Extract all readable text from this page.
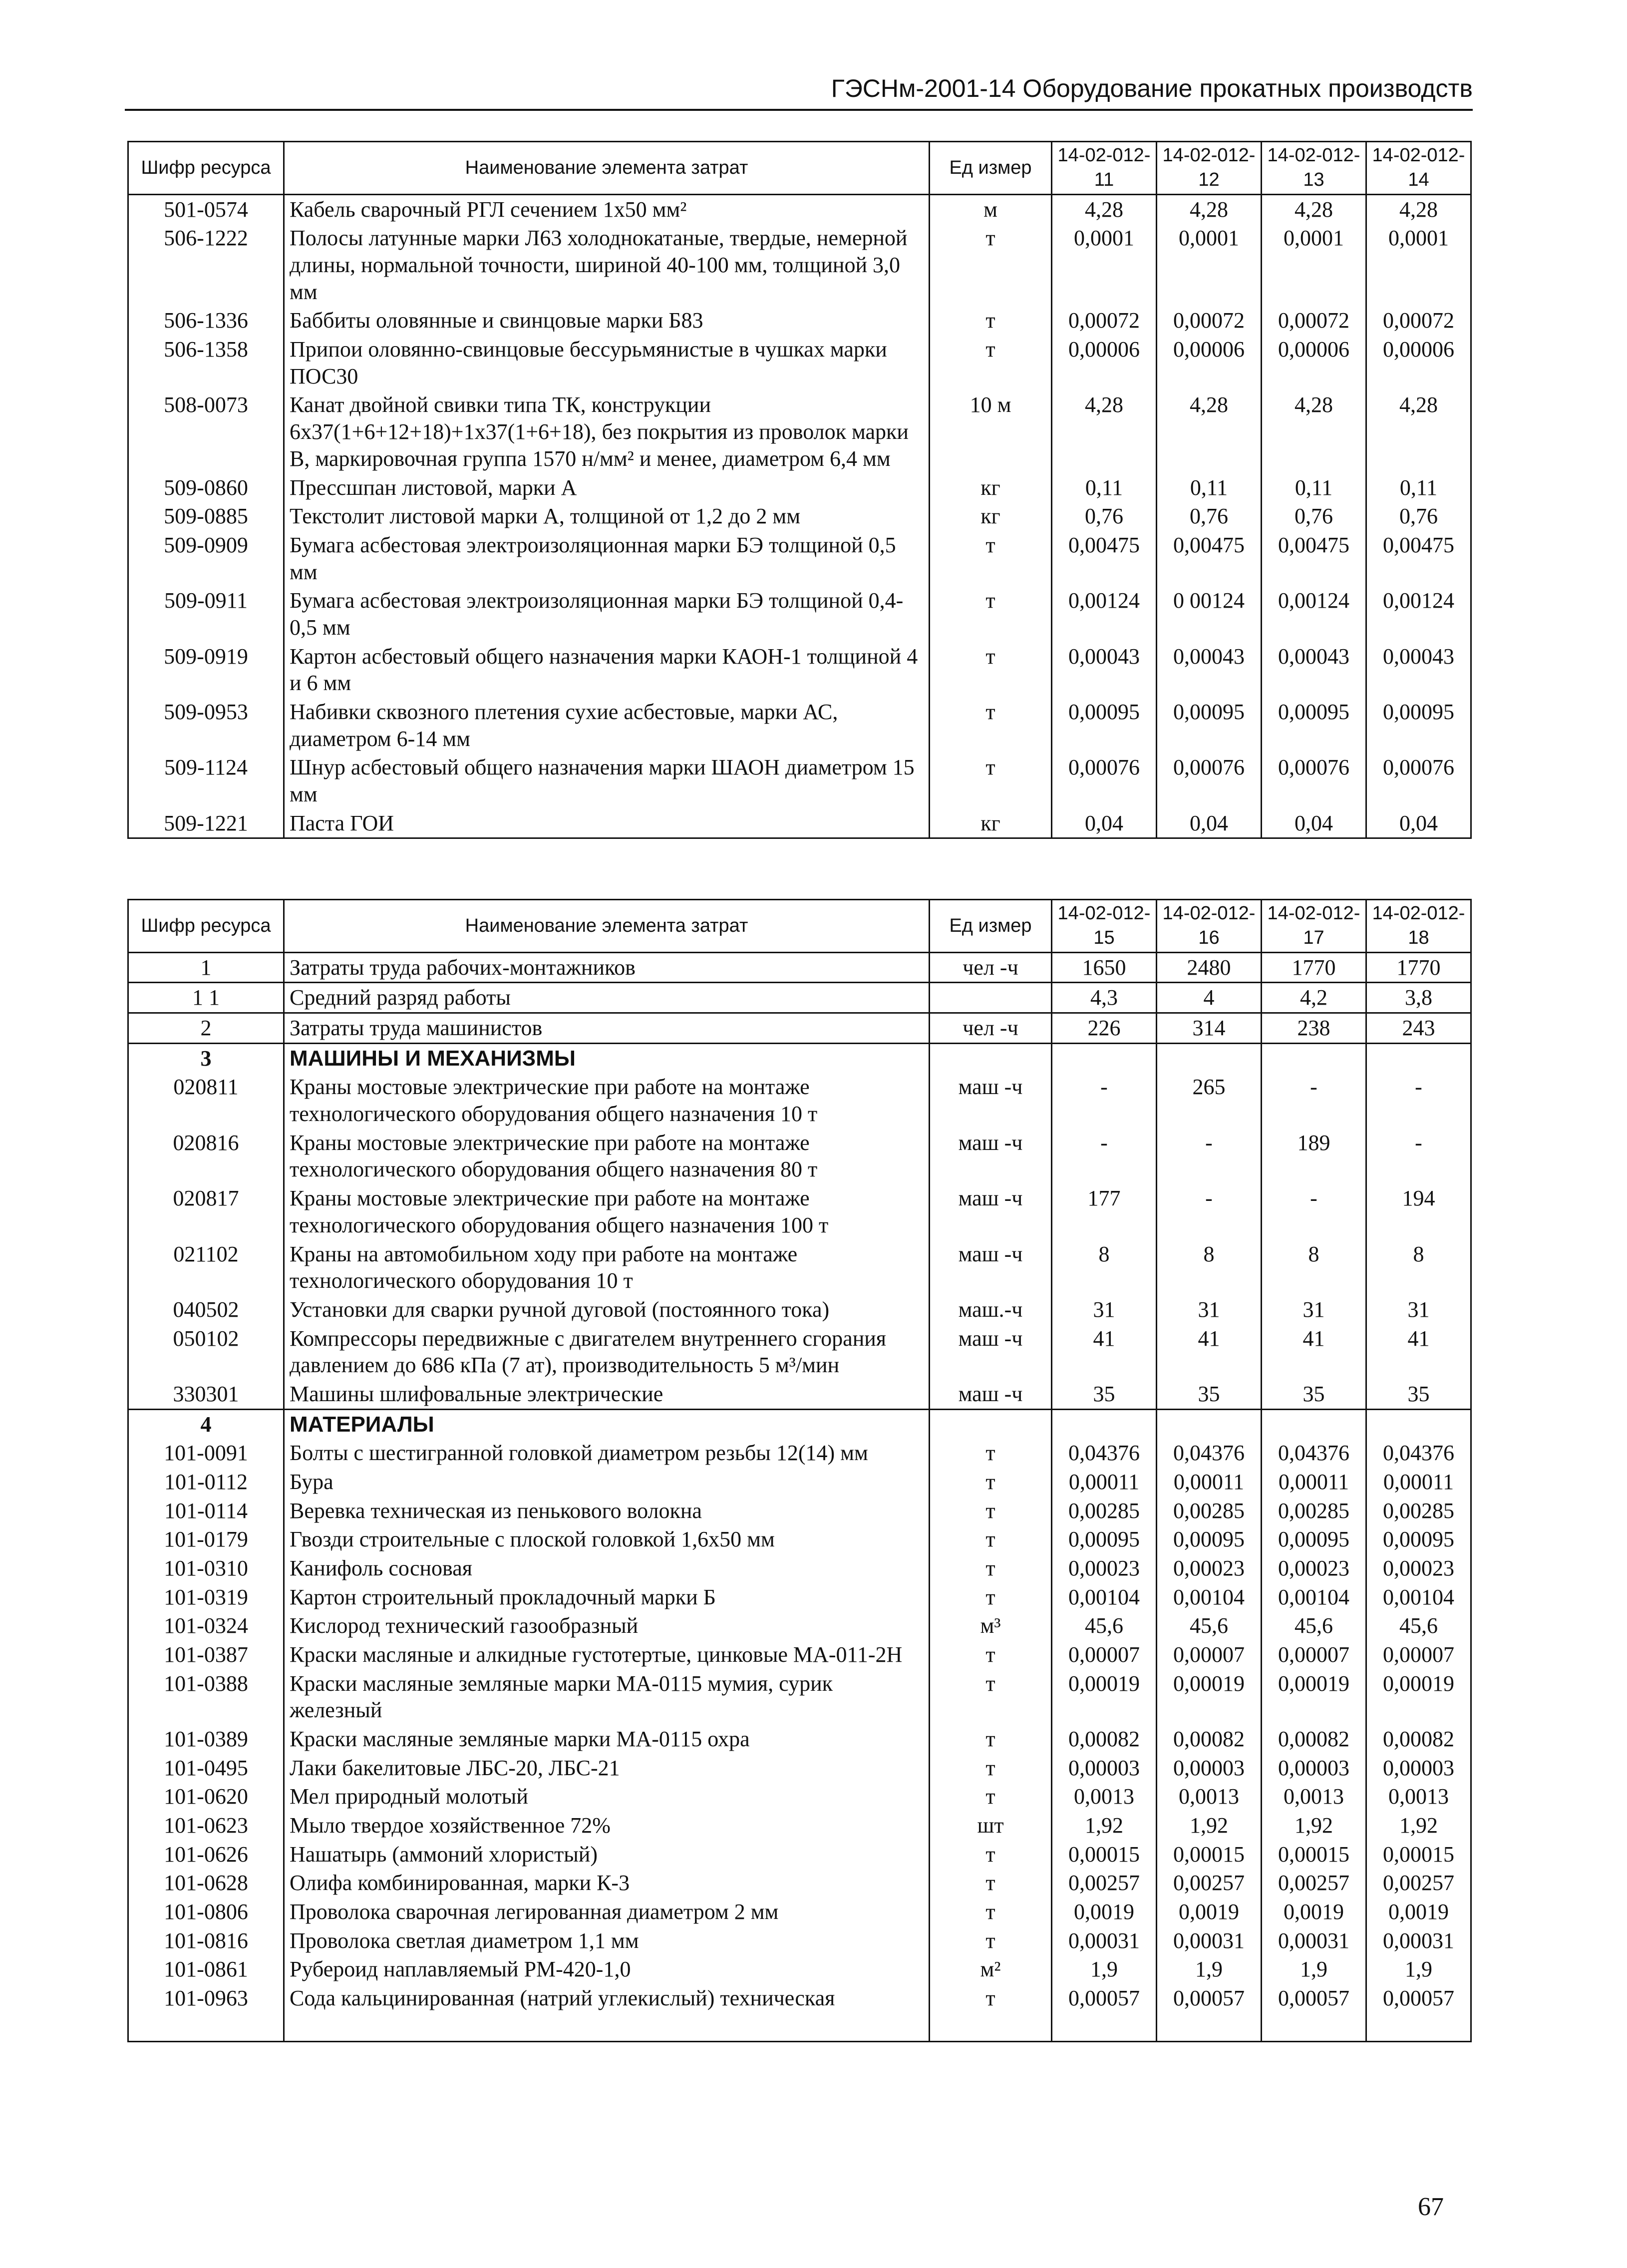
ГЭСНм-2001-14 Оборудование прокатных производств
Шифр ресурса	Наименование элемента затрат	Ед измер	14-02-012-11	14-02-012-12	14-02-012-13	14-02-012-14
501-0574	Кабель сварочный РГЛ сечением 1х50 мм²	м	4,28	4,28	4,28	4,28
506-1222	Полосы латунные марки Л63 холоднокатаные, твердые, немерной длины, нормальной точности, шириной 40-100 мм, толщиной 3,0 мм	т	0,0001	0,0001	0,0001	0,0001
506-1336	Баббиты оловянные и свинцовые марки Б83	т	0,00072	0,00072	0,00072	0,00072
506-1358	Припои оловянно-свинцовые бессурьмянистые в чушках марки ПОС30	т	0,00006	0,00006	0,00006	0,00006
508-0073	Канат двойной свивки типа ТК, конструкции 6х37(1+6+12+18)+1х37(1+6+18), без покрытия из проволок марки В, маркировочная группа 1570 н/мм² и менее, диаметром 6,4 мм	10 м	4,28	4,28	4,28	4,28
509-0860	Прессшпан листовой, марки А	кг	0,11	0,11	0,11	0,11
509-0885	Текстолит листовой марки А, толщиной от 1,2 до 2 мм	кг	0,76	0,76	0,76	0,76
509-0909	Бумага асбестовая электроизоляционная марки БЭ толщиной 0,5 мм	т	0,00475	0,00475	0,00475	0,00475
509-0911	Бумага асбестовая электроизоляционная марки БЭ толщиной 0,4-0,5 мм	т	0,00124	0 00124	0,00124	0,00124
509-0919	Картон асбестовый общего назначения марки КАОН-1 толщиной 4 и 6 мм	т	0,00043	0,00043	0,00043	0,00043
509-0953	Набивки сквозного плетения сухие асбестовые, марки АС, диаметром 6-14 мм	т	0,00095	0,00095	0,00095	0,00095
509-1124	Шнур асбестовый общего назначения марки ШАОН диаметром 15 мм	т	0,00076	0,00076	0,00076	0,00076
509-1221	Паста ГОИ	кг	0,04	0,04	0,04	0,04
Шифр ресурса	Наименование элемента затрат	Ед измер	14-02-012-15	14-02-012-16	14-02-012-17	14-02-012-18
1	Затраты труда рабочих-монтажников	чел -ч	1650	2480	1770	1770
1 1	Средний разряд работы		4,3	4	4,2	3,8
2	Затраты труда машинистов	чел -ч	226	314	238	243
3	МАШИНЫ И МЕХАНИЗМЫ					
020811	Краны мостовые электрические при работе на монтаже технологического оборудования общего назначения 10 т	маш -ч	-	265	-	-
020816	Краны мостовые электрические при работе на монтаже технологического оборудования общего назначения 80 т	маш -ч	-	-	189	-
020817	Краны мостовые электрические при работе на монтаже технологического оборудования общего назначения 100 т	маш -ч	177	-	-	194
021102	Краны на автомобильном ходу при работе на монтаже технологического оборудования 10 т	маш -ч	8	8	8	8
040502	Установки для сварки ручной дуговой (постоянного тока)	маш.-ч	31	31	31	31
050102	Компрессоры передвижные с двигателем внутреннего сгорания давлением до 686 кПа (7 ат), производительность 5 м³/мин	маш -ч	41	41	41	41
330301	Машины шлифовальные электрические	маш -ч	35	35	35	35
4	МАТЕРИАЛЫ					
101-0091	Болты с шестигранной головкой диаметром резьбы 12(14) мм	т	0,04376	0,04376	0,04376	0,04376
101-0112	Бура	т	0,00011	0,00011	0,00011	0,00011
101-0114	Веревка техническая из пенькового волокна	т	0,00285	0,00285	0,00285	0,00285
101-0179	Гвозди строительные с плоской головкой 1,6х50 мм	т	0,00095	0,00095	0,00095	0,00095
101-0310	Канифоль сосновая	т	0,00023	0,00023	0,00023	0,00023
101-0319	Картон строительный прокладочный марки Б	т	0,00104	0,00104	0,00104	0,00104
101-0324	Кислород технический газообразный	м³	45,6	45,6	45,6	45,6
101-0387	Краски масляные и алкидные густотертые, цинковые МА-011-2Н	т	0,00007	0,00007	0,00007	0,00007
101-0388	Краски масляные земляные марки МА-0115 мумия, сурик железный	т	0,00019	0,00019	0,00019	0,00019
101-0389	Краски масляные земляные марки МА-0115 охра	т	0,00082	0,00082	0,00082	0,00082
101-0495	Лаки бакелитовые ЛБС-20, ЛБС-21	т	0,00003	0,00003	0,00003	0,00003
101-0620	Мел природный молотый	т	0,0013	0,0013	0,0013	0,0013
101-0623	Мыло твердое хозяйственное 72%	шт	1,92	1,92	1,92	1,92
101-0626	Нашатырь (аммоний хлористый)	т	0,00015	0,00015	0,00015	0,00015
101-0628	Олифа комбинированная, марки К-3	т	0,00257	0,00257	0,00257	0,00257
101-0806	Проволока сварочная легированная диаметром 2 мм	т	0,0019	0,0019	0,0019	0,0019
101-0816	Проволока светлая диаметром 1,1 мм	т	0,00031	0,00031	0,00031	0,00031
101-0861	Рубероид наплавляемый РМ-420-1,0	м²	1,9	1,9	1,9	1,9
101-0963	Сода кальцинированная (натрий углекислый) техническая	т	0,00057	0,00057	0,00057	0,00057
67
